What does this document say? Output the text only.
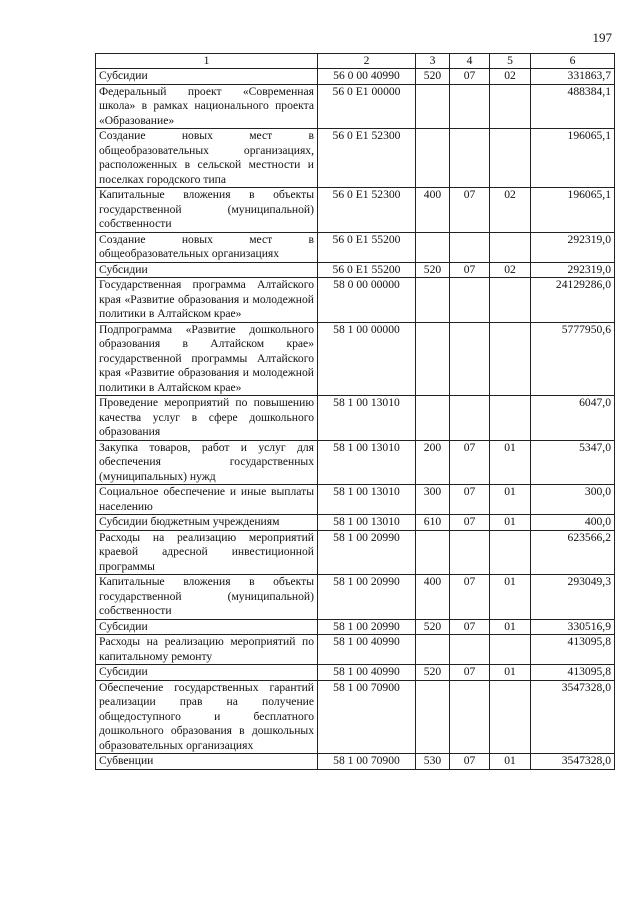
197
1	2	3	4	5	6
Субсидии	56 0 00 40990	520	07	02	331863,7
Федеральный проект «Современная школа» в рамках национального проекта «Образование»	56 0 E1 00000				488384,1
Создание новых мест в общеобразовательных организациях, расположенных в сельской местности и поселках городского типа	56 0 E1 52300				196065,1
Капитальные вложения в объекты государственной (муниципальной) собственности	56 0 E1 52300	400	07	02	196065,1
Создание новых мест в общеобразовательных организациях	56 0 E1 55200				292319,0
Субсидии	56 0 E1 55200	520	07	02	292319,0
Государственная программа Алтайского края «Развитие образования и молодежной политики в Алтайском крае»	58 0 00 00000				24129286,0
Подпрограмма «Развитие дошкольного образования в Алтайском крае» государственной программы Алтайского края «Развитие образования и молодежной политики в Алтайском крае»	58 1 00 00000				5777950,6
Проведение мероприятий по повышению качества услуг в сфере дошкольного образования	58 1 00 13010				6047,0
Закупка товаров, работ и услуг для обеспечения государственных (муниципальных) нужд	58 1 00 13010	200	07	01	5347,0
Социальное обеспечение и иные выплаты населению	58 1 00 13010	300	07	01	300,0
Субсидии бюджетным учреждениям	58 1 00 13010	610	07	01	400,0
Расходы на реализацию мероприятий краевой адресной инвестиционной программы	58 1 00 20990				623566,2
Капитальные вложения в объекты государственной (муниципальной) собственности	58 1 00 20990	400	07	01	293049,3
Субсидии	58 1 00 20990	520	07	01	330516,9
Расходы на реализацию мероприятий по капитальному ремонту	58 1 00 40990				413095,8
Субсидии	58 1 00 40990	520	07	01	413095,8
Обеспечение государственных гарантий реализации прав на получение общедоступного и бесплатного дошкольного образования в дошкольных образовательных организациях	58 1 00 70900				3547328,0
Субвенции	58 1 00 70900	530	07	01	3547328,0
